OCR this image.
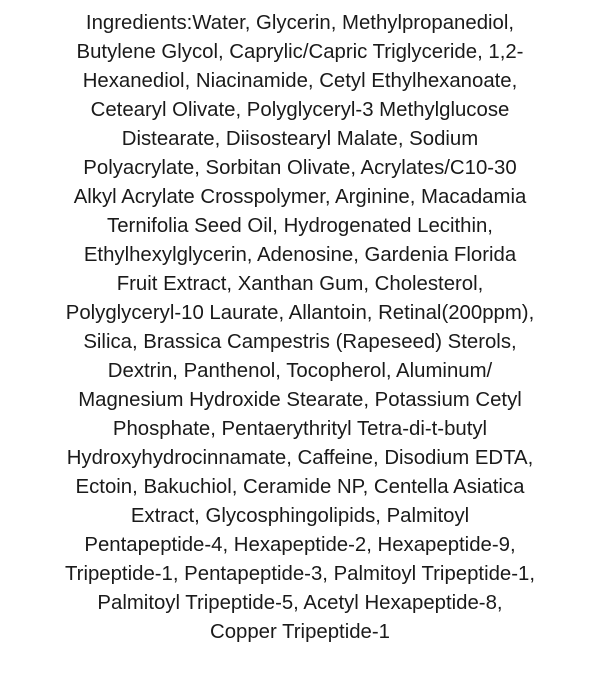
Ingredients:Water, Glycerin, Methylpropanediol,
Butylene Glycol, Caprylic/Capric Triglyceride, 1,2-
Hexanediol, Niacinamide, Cetyl Ethylhexanoate,
Cetearyl Olivate, Polyglyceryl-3 Methylglucose
Distearate, Diisostearyl Malate, Sodium
Polyacrylate, Sorbitan Olivate, Acrylates/C10-30
Alkyl Acrylate Crosspolymer, Arginine, Macadamia
Ternifolia Seed Oil, Hydrogenated Lecithin,
Ethylhexylglycerin, Adenosine, Gardenia Florida
Fruit Extract, Xanthan Gum, Cholesterol,
Polyglyceryl-10 Laurate, Allantoin, Retinal(200ppm),
Silica, Brassica Campestris (Rapeseed) Sterols,
Dextrin, Panthenol, Tocopherol, Aluminum/
Magnesium Hydroxide Stearate, Potassium Cetyl
Phosphate, Pentaerythrityl Tetra-di-t-butyl
Hydroxyhydrocinnamate, Caffeine, Disodium EDTA,
Ectoin, Bakuchiol, Ceramide NP, Centella Asiatica
Extract, Glycosphingolipids, Palmitoyl
Pentapeptide-4, Hexapeptide-2, Hexapeptide-9,
Tripeptide-1, Pentapeptide-3, Palmitoyl Tripeptide-1,
Palmitoyl Tripeptide-5, Acetyl Hexapeptide-8,
Copper Tripeptide-1
